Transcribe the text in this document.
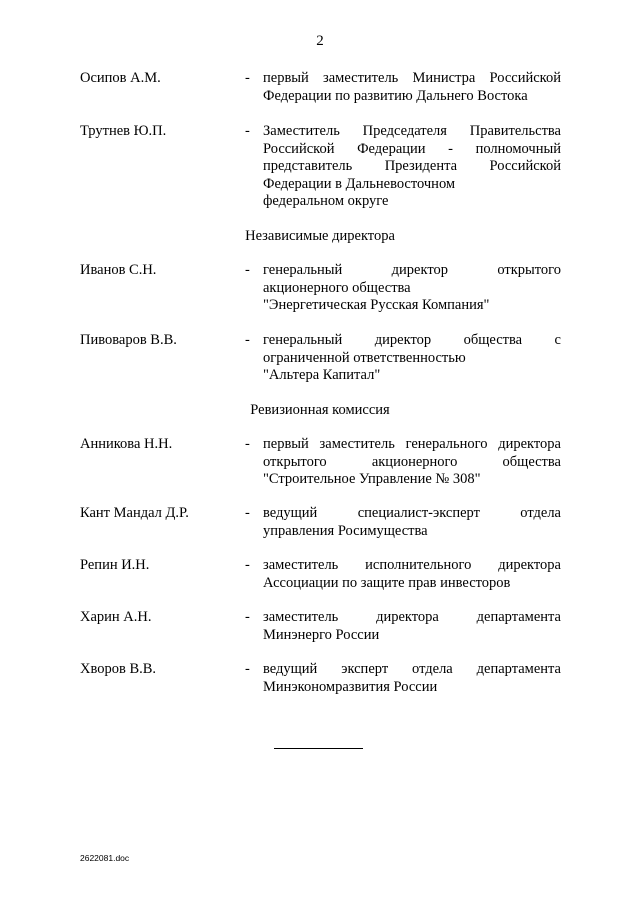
2
Осипов А.М.	- первый заместитель Министра Российской
Федерации по развитию Дальнего Востока
Трутнев Ю.П.	- Заместитель Председателя Правительства
Российской Федерации - полномочный
представитель Президента Российской
Федерации в Дальневосточном
федеральном округе
Независимые директора
Иванов С.Н.	- генеральный	директор	открытого
акционерного общества
"Энергетическая Русская Компания"
Пивоваров В.В.	- генеральный директор общества с
ограниченной ответственностью
"Альтера Капитал"
Ревизионная комиссия
Анникова Н.Н.	- первый заместитель генерального директора
открытого	акционерного	общества
"Строительное Управление № 308"
Кант Мандал Д.Р.	- ведущий	специалист-эксперт	отдела
управления Росимущества
Репин И.Н.	- заместитель исполнительного директора
Ассоциации по защите прав инвесторов
Харин А.Н.	- заместитель	директора	департамента
Минэнерго России
Хворов В.В.	- ведущий эксперт отдела департамента
Минэкономразвития России
2622081.doc
